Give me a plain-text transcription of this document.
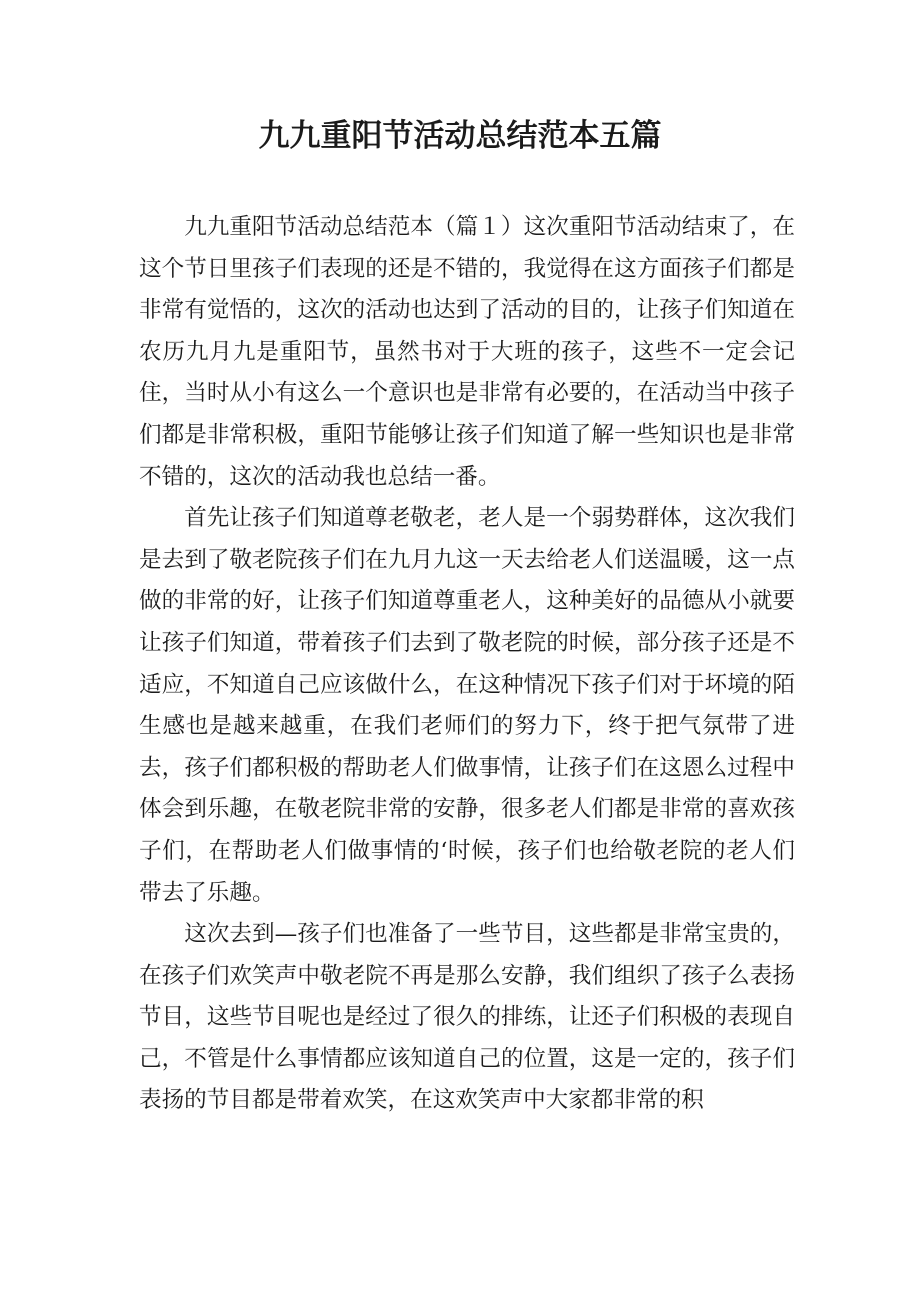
九九重阳节活动总结范本五篇

九九重阳节活动总结范本（篇１）这次重阳节活动结束了，在这个节日里孩子们表现的还是不错的，我觉得在这方面孩子们都是非常有觉悟的，这次的活动也达到了活动的目的，让孩子们知道在农历九月九是重阳节，虽然书对于大班的孩子，这些不一定会记住，当时从小有这么一个意识也是非常有必要的，在活动当中孩子们都是非常积极，重阳节能够让孩子们知道了解一些知识也是非常不错的，这次的活动我也总结一番。

首先让孩子们知道尊老敬老，老人是一个弱势群体，这次我们是去到了敬老院孩子们在九月九这一天去给老人们送温暖，这一点做的非常的好，让孩子们知道尊重老人，这种美好的品德从小就要让孩子们知道，带着孩子们去到了敬老院的时候，部分孩子还是不适应，不知道自己应该做什么，在这种情况下孩子们对于坏境的陌生感也是越来越重，在我们老师们的努力下，终于把气氛带了进去，孩子们都积极的帮助老人们做事情，让孩子们在这恩么过程中体会到乐趣，在敬老院非常的安静，很多老人们都是非常的喜欢孩子们，在帮助老人们做事情的‘时候，孩子们也给敬老院的老人们带去了乐趣。

这次去到—孩子们也准备了一些节目，这些都是非常宝贵的，在孩子们欢笑声中敬老院不再是那么安静，我们组织了孩子么表扬节目，这些节目呢也是经过了很久的排练，让还子们积极的表现自己，不管是什么事情都应该知道自己的位置，这是一定的，孩子们表扬的节目都是带着欢笑，在这欢笑声中大家都非常的积
